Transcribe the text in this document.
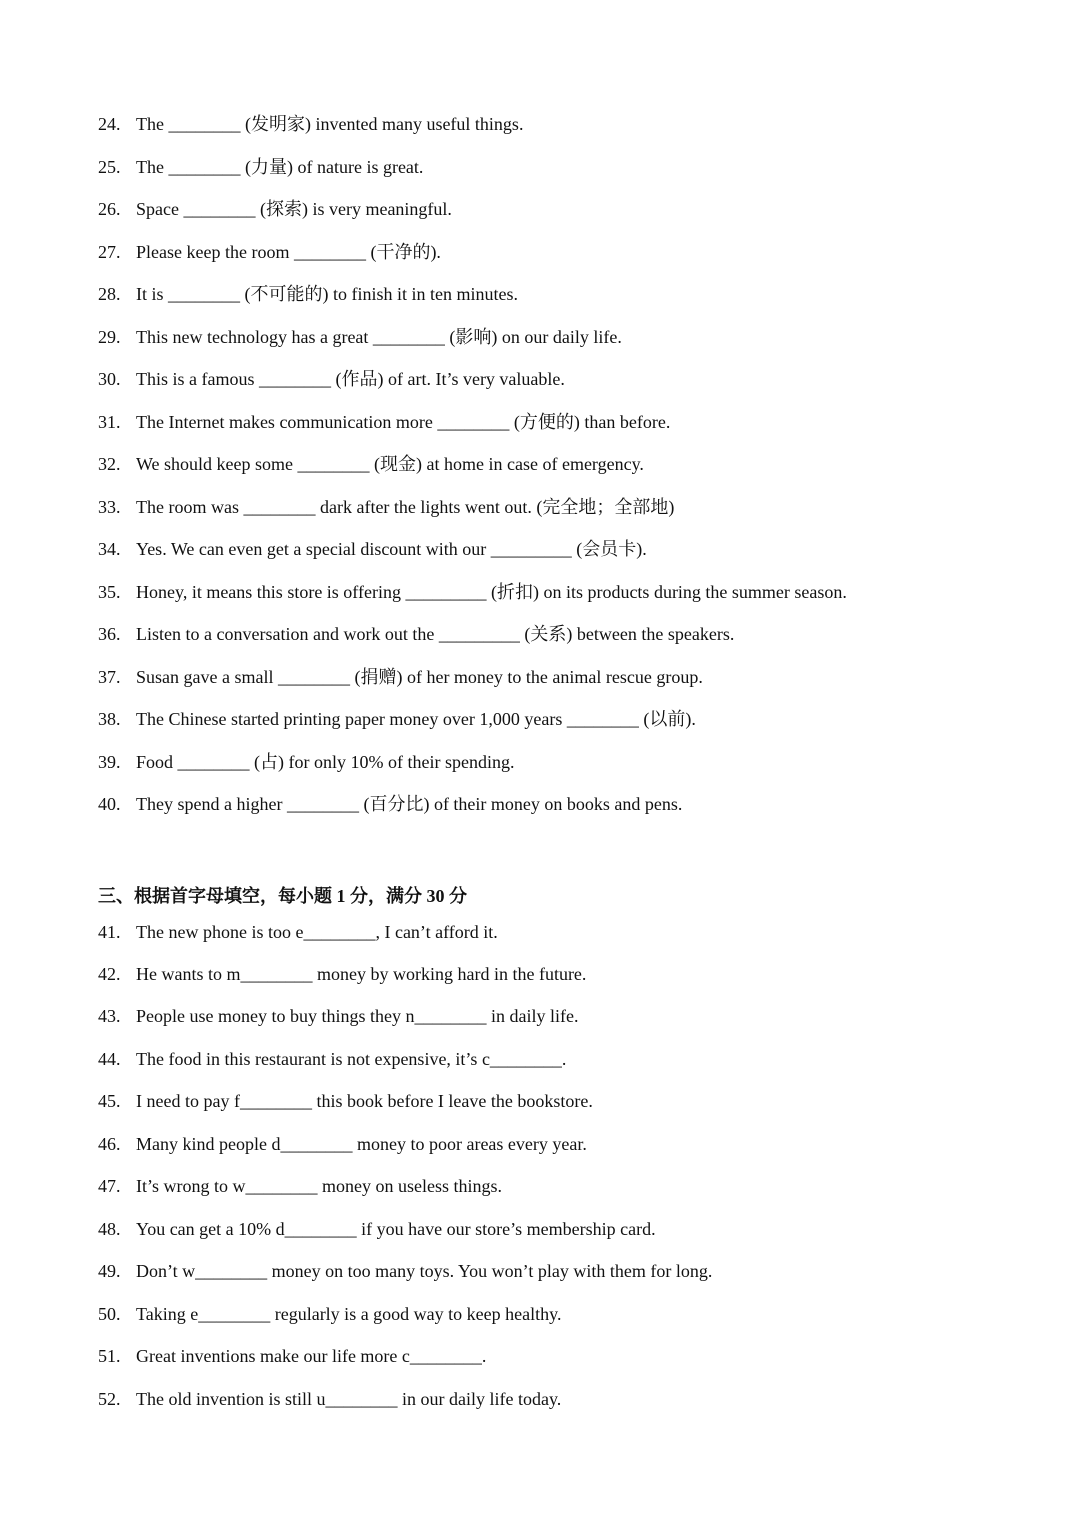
24. The ________ (发明家) invented many useful things.
25. The ________ (力量) of nature is great.
26. Space ________ (探索) is very meaningful.
27. Please keep the room ________ (干净的).
28. It is ________ (不可能的) to finish it in ten minutes.
29. This new technology has a great ________ (影响) on our daily life.
30. This is a famous ________ (作品) of art. It’s very valuable.
31. The Internet makes communication more ________ (方便的) than before.
32. We should keep some ________ (现金) at home in case of emergency.
33. The room was ________ dark after the lights went out. (完全地；全部地)
34. Yes. We can even get a special discount with our _________ (会员卡).
35. Honey, it means this store is offering _________ (折扣) on its products during the summer season.
36. Listen to a conversation and work out the _________ (关系) between the speakers.
37. Susan gave a small ________ (捐赠) of her money to the animal rescue group.
38. The Chinese started printing paper money over 1,000 years ________ (以前).
39. Food ________ (占) for only 10% of their spending.
40. They spend a higher ________ (百分比) of their money on books and pens.
三、根据首字母填空，每小题 1 分，满分 30 分
41. The new phone is too e________, I can’t afford it.
42. He wants to m________ money by working hard in the future.
43. People use money to buy things they n________ in daily life.
44. The food in this restaurant is not expensive, it’s c________.
45. I need to pay f________ this book before I leave the bookstore.
46. Many kind people d________ money to poor areas every year.
47. It’s wrong to w________ money on useless things.
48. You can get a 10% d________ if you have our store’s membership card.
49. Don’t w________ money on too many toys. You won’t play with them for long.
50. Taking e________ regularly is a good way to keep healthy.
51. Great inventions make our life more c________.
52. The old invention is still u________ in our daily life today.
